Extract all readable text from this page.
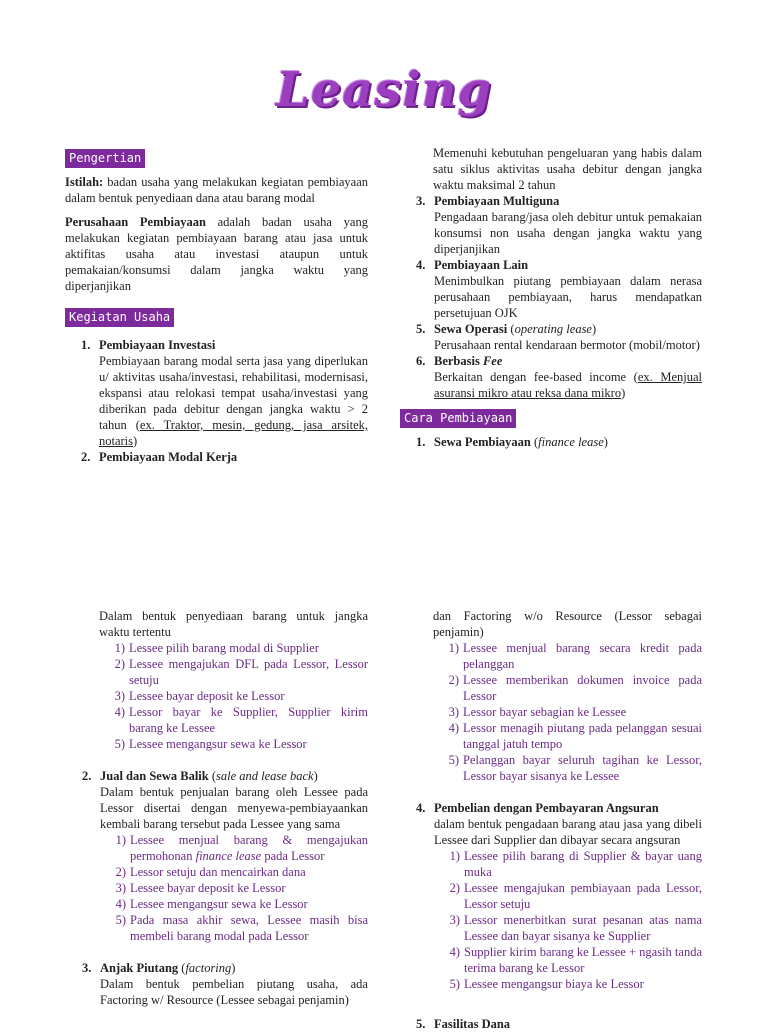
Leasing
Pengertian

Istilah: badan usaha yang melakukan kegiatan pembiayaan dalam bentuk penyediaan dana atau barang modal

Perusahaan Pembiayaan adalah badan usaha yang melakukan kegiatan pembiayaan barang atau jasa untuk aktifitas usaha atau investasi ataupun untuk pemakaian/konsumsi dalam jangka waktu yang diperjanjikan

Kegiatan Usaha
1. Pembiayaan Investasi
Pembiayaan barang modal serta jasa yang diperlukan u/ aktivitas usaha/investasi, rehabilitasi, modernisasi, ekspansi atau relokasi tempat usaha/investasi yang diberikan pada debitur dengan jangka waktu > 2 tahun (ex. Traktor, mesin, gedung, jasa arsitek, notaris)
2. Pembiayaan Modal Kerja
Memenuhi kebutuhan pengeluaran yang habis dalam satu siklus aktivitas usaha debitur dengan jangka waktu maksimal 2 tahun
3. Pembiayaan Multiguna
Pengadaan barang/jasa oleh debitur untuk pemakaian konsumsi non usaha dengan jangka waktu yang diperjanjikan
4. Pembiayaan Lain
Menimbulkan piutang pembiayaan dalam nerasa perusahaan pembiayaan, harus mendapatkan persetujuan OJK
5. Sewa Operasi (operating lease)
Perusahaan rental kendaraan bermotor (mobil/motor)
6. Berbasis Fee
Berkaitan dengan fee-based income (ex. Menjual asuransi mikro atau reksa dana mikro)
Cara Pembiayaan
1. Sewa Pembiayaan (finance lease)
Dalam bentuk penyediaan barang untuk jangka waktu tertentu
1) Lessee pilih barang modal di Supplier
2) Lessee mengajukan DFL pada Lessor, Lessor setuju
3) Lessee bayar deposit ke Lessor
4) Lessor bayar ke Supplier, Supplier kirim barang ke Lessee
5) Lessee mengangsur sewa ke Lessor
2. Jual dan Sewa Balik (sale and lease back)
Dalam bentuk penjualan barang oleh Lessee pada Lessor disertai dengan menyewa-pembiayaankan kembali barang tersebut pada Lessee yang sama
1) Lessee menjual barang & mengajukan permohonan finance lease pada Lessor
2) Lessor setuju dan mencairkan dana
3) Lessee bayar deposit ke Lessor
4) Lessee mengangsur sewa ke Lessor
5) Pada masa akhir sewa, Lessee masih bisa membeli barang modal pada Lessor
3. Anjak Piutang (factoring)
Dalam bentuk pembelian piutang usaha, ada Factoring w/ Resource (Lessee sebagai penjamin)
dan Factoring w/o Resource (Lessor sebagai penjamin)
1) Lessee menjual barang secara kredit pada pelanggan
2) Lessee memberikan dokumen invoice pada Lessor
3) Lessor bayar sebagian ke Lessee
4) Lessor menagih piutang pada pelanggan sesuai tanggal jatuh tempo
5) Pelanggan bayar seluruh tagihan ke Lessor, Lessor bayar sisanya ke Lessee
4. Pembelian dengan Pembayaran Angsuran
dalam bentuk pengadaan barang atau jasa yang dibeli Lessee dari Supplier dan dibayar secara angsuran
1) Lessee pilih barang di Supplier & bayar uang muka
2) Lessee mengajukan pembiayaan pada Lessor, Lessor setuju
3) Lessor menerbitkan surat pesanan atas nama Lessee dan bayar sisanya ke Supplier
4) Supplier kirim barang ke Lessee + ngasih tanda terima barang ke Lessor
5) Lessee mengangsur biaya ke Lessor
5. Fasilitas Dana
